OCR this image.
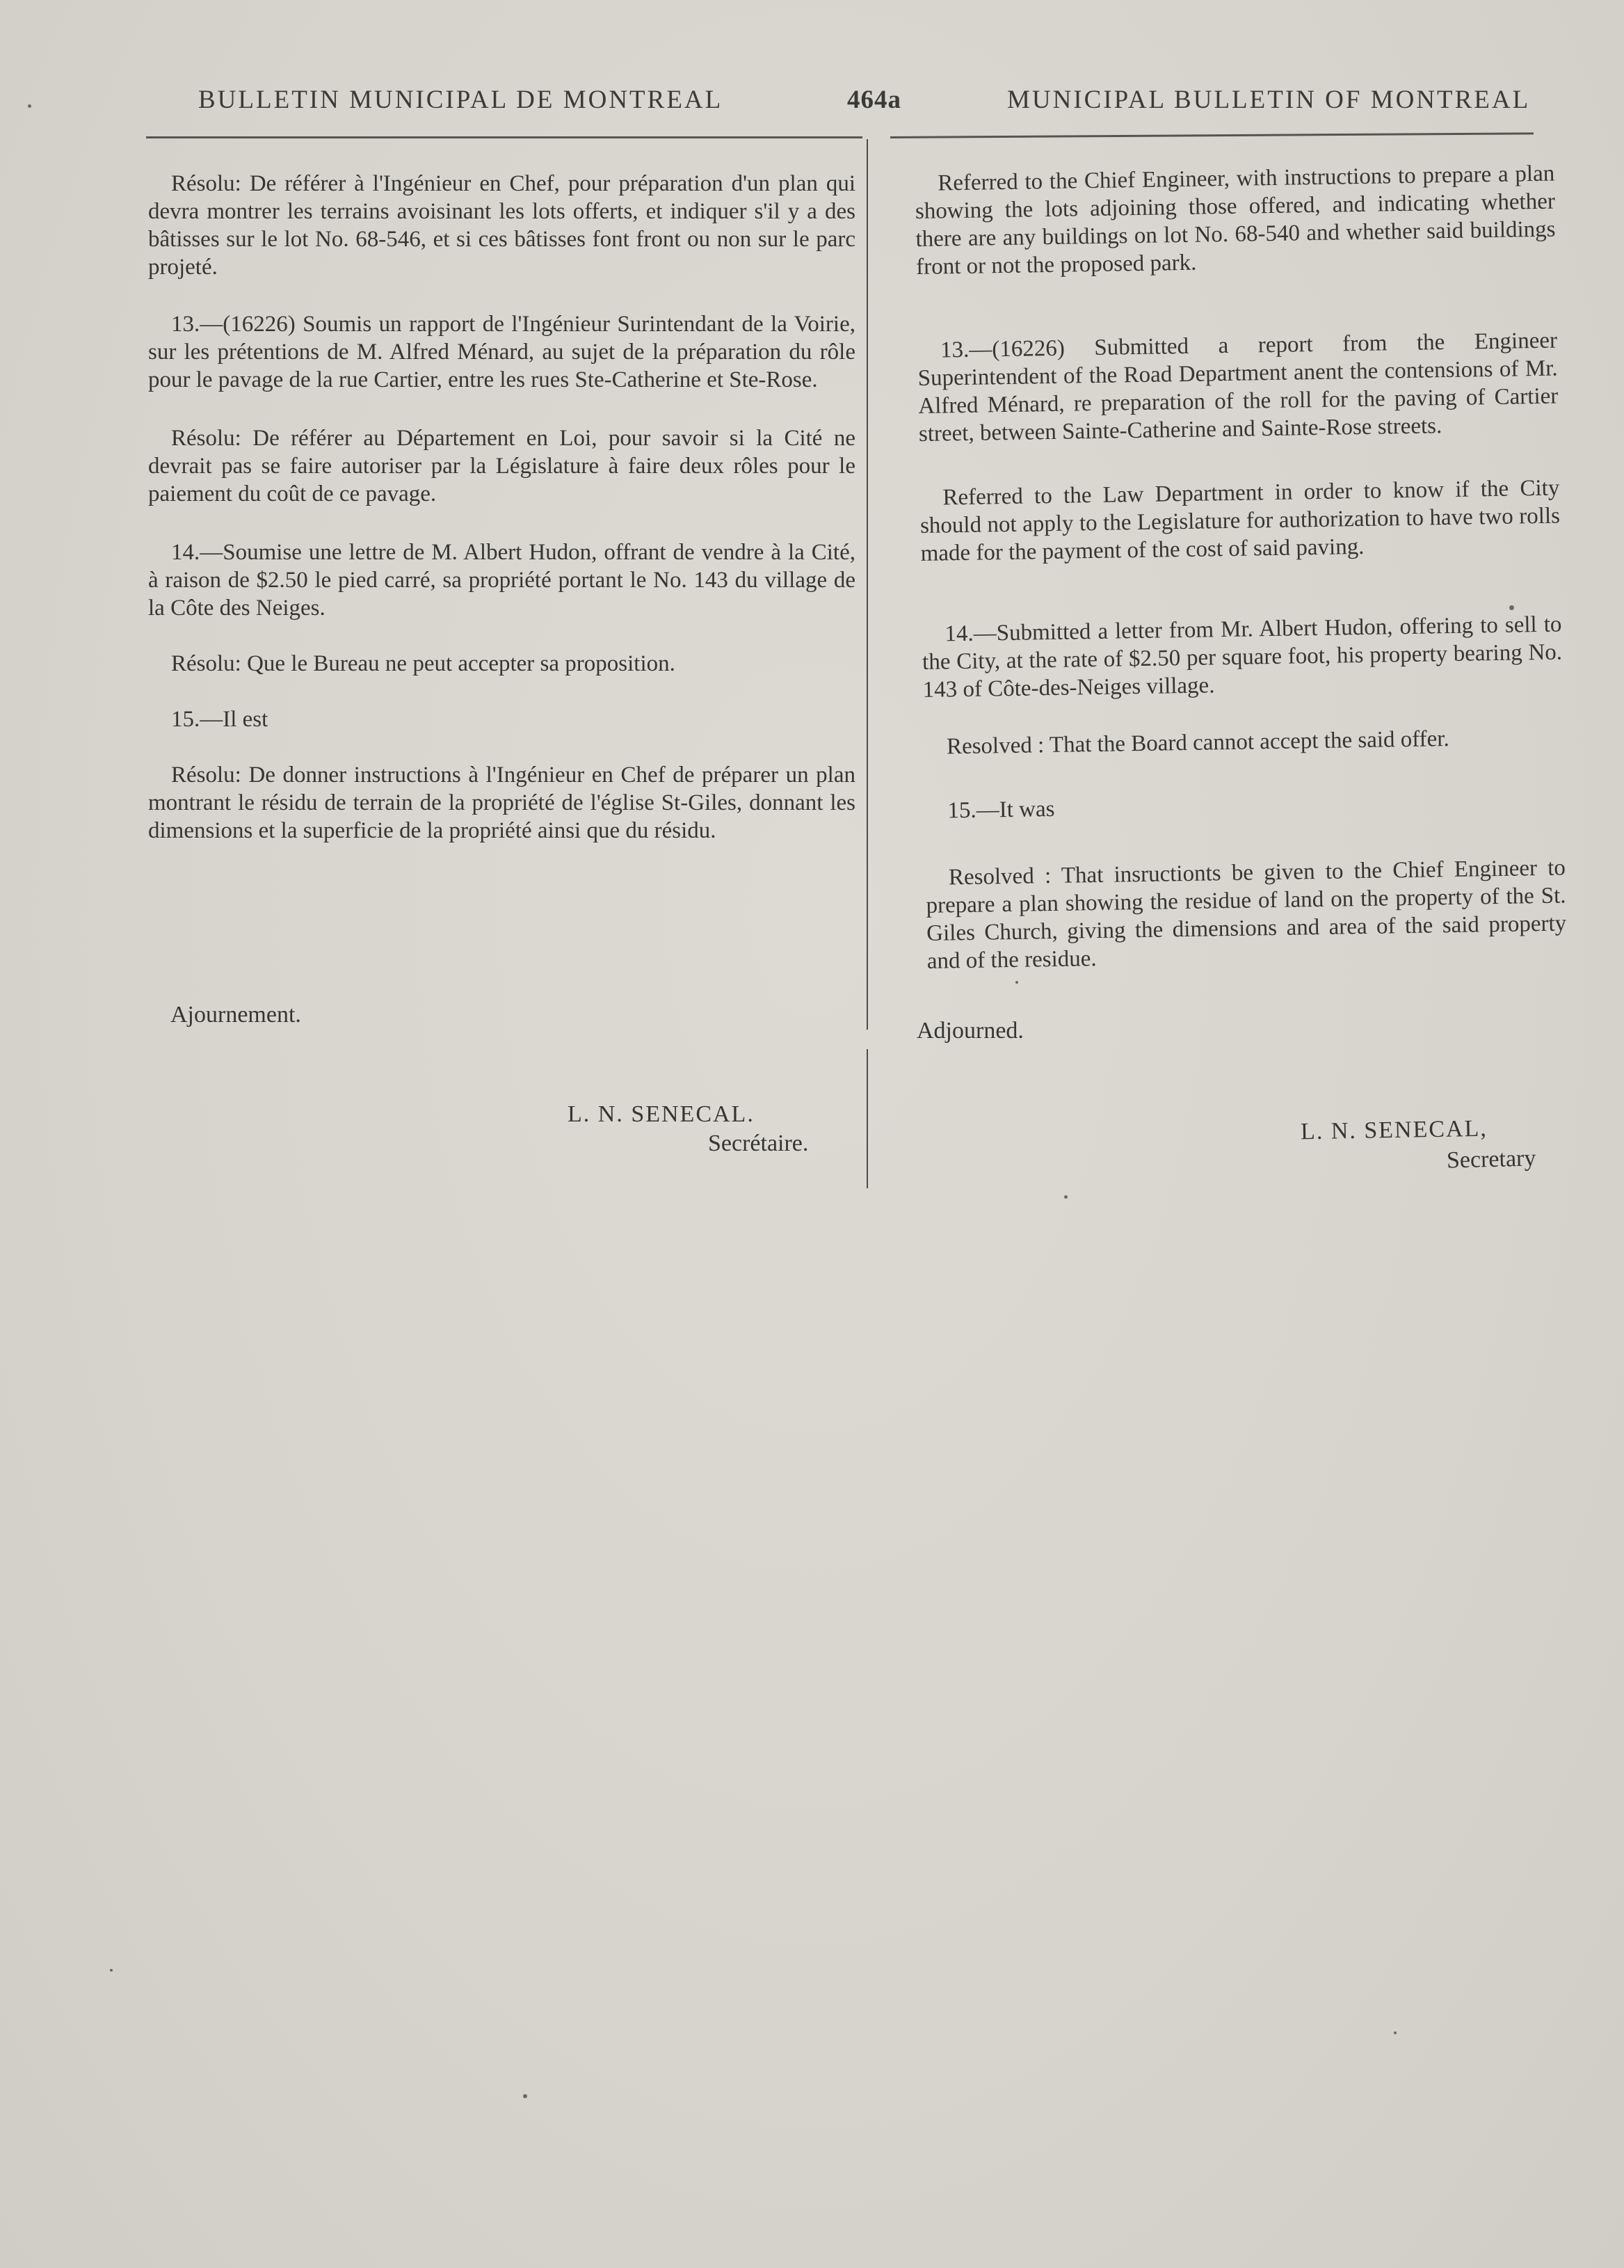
BULLETIN MUNICIPAL DE MONTREAL	464a	MUNICIPAL BULLETIN OF MONTREAL

Résolu: De référer à l'Ingénieur en Chef, pour préparation d'un plan qui devra montrer les terrains avoisinant les lots offerts, et indiquer s'il y a des bâtisses sur le lot No. 68-546, et si ces bâtisses font front ou non sur le parc projeté.

13.—(16226) Soumis un rapport de l'Ingénieur Surintendant de la Voirie, sur les prétentions de M. Alfred Ménard, au sujet de la préparation du rôle pour le pavage de la rue Cartier, entre les rues Ste-Catherine et Ste-Rose.

Résolu: De référer au Département en Loi, pour savoir si la Cité ne devrait pas se faire autoriser par la Législature à faire deux rôles pour le paiement du coût de ce pavage.

14.—Soumise une lettre de M. Albert Hudon, offrant de vendre à la Cité, à raison de $2.50 le pied carré, sa propriété portant le No. 143 du village de la Côte des Neiges.

Résolu: Que le Bureau ne peut accepter sa proposition.

15.—Il est

Résolu: De donner instructions à l'Ingénieur en Chef de préparer un plan montrant le résidu de terrain de la propriété de l'église St-Giles, donnant les dimensions et la superficie de la propriété ainsi que du résidu.

Referred to the Chief Engineer, with instructions to prepare a plan showing the lots adjoining those offered, and indicating whether there are any buildings on lot No. 68-540 and whether said buildings front or not the proposed park.

13.—(16226) Submitted a report from the Engineer Superintendent of the Road Department anent the contensions of Mr. Alfred Ménard, re preparation of the roll for the paving of Cartier street, between Sainte-Catherine and Sainte-Rose streets.

Referred to the Law Department in order to know if the City should not apply to the Legislature for authorization to have two rolls made for the payment of the cost of said paving.

14.—Submitted a letter from Mr. Albert Hudon, offering to sell to the City, at the rate of $2.50 per square foot, his property bearing No. 143 of Côte-des-Neiges village.

Resolved : That the Board cannot accept the said offer.

15.—It was

Resolved : That insructionts be given to the Chief Engineer to prepare a plan showing the residue of land on the property of the St. Giles Church, giving the dimensions and area of the said property and of the residue.

Ajournement.
L. N. SENECAL.
Secrétaire.
Adjourned.
L. N. SENECAL,
Secretary
